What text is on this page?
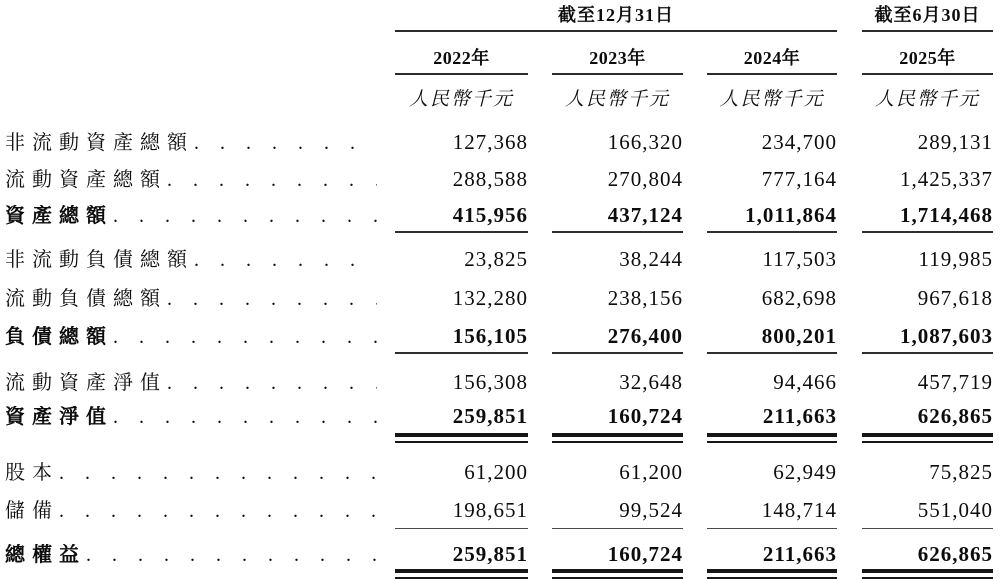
截至12月31日	截至6月30日
2022年	2023年	2024年	2025年
人民幣千元	人民幣千元	人民幣千元	人民幣千元
非流動資產總額 . . .	127,368	166,320	234,700	289,131
流動資產總額 . . .	288,588	270,804	777,164	1,425,337
資產總額 . . .	415,956	437,124	1,011,864	1,714,468
非流動負債總額 . . .	23,825	38,244	117,503	119,985
流動負債總額 . . .	132,280	238,156	682,698	967,618
負債總額 . . .	156,105	276,400	800,201	1,087,603
流動資產淨值 . . .	156,308	32,648	94,466	457,719
資產淨值 . . .	259,851	160,724	211,663	626,865
股本 . . .	61,200	61,200	62,949	75,825
儲備 . . .	198,651	99,524	148,714	551,040
總權益 . . .	259,851	160,724	211,663	626,865
